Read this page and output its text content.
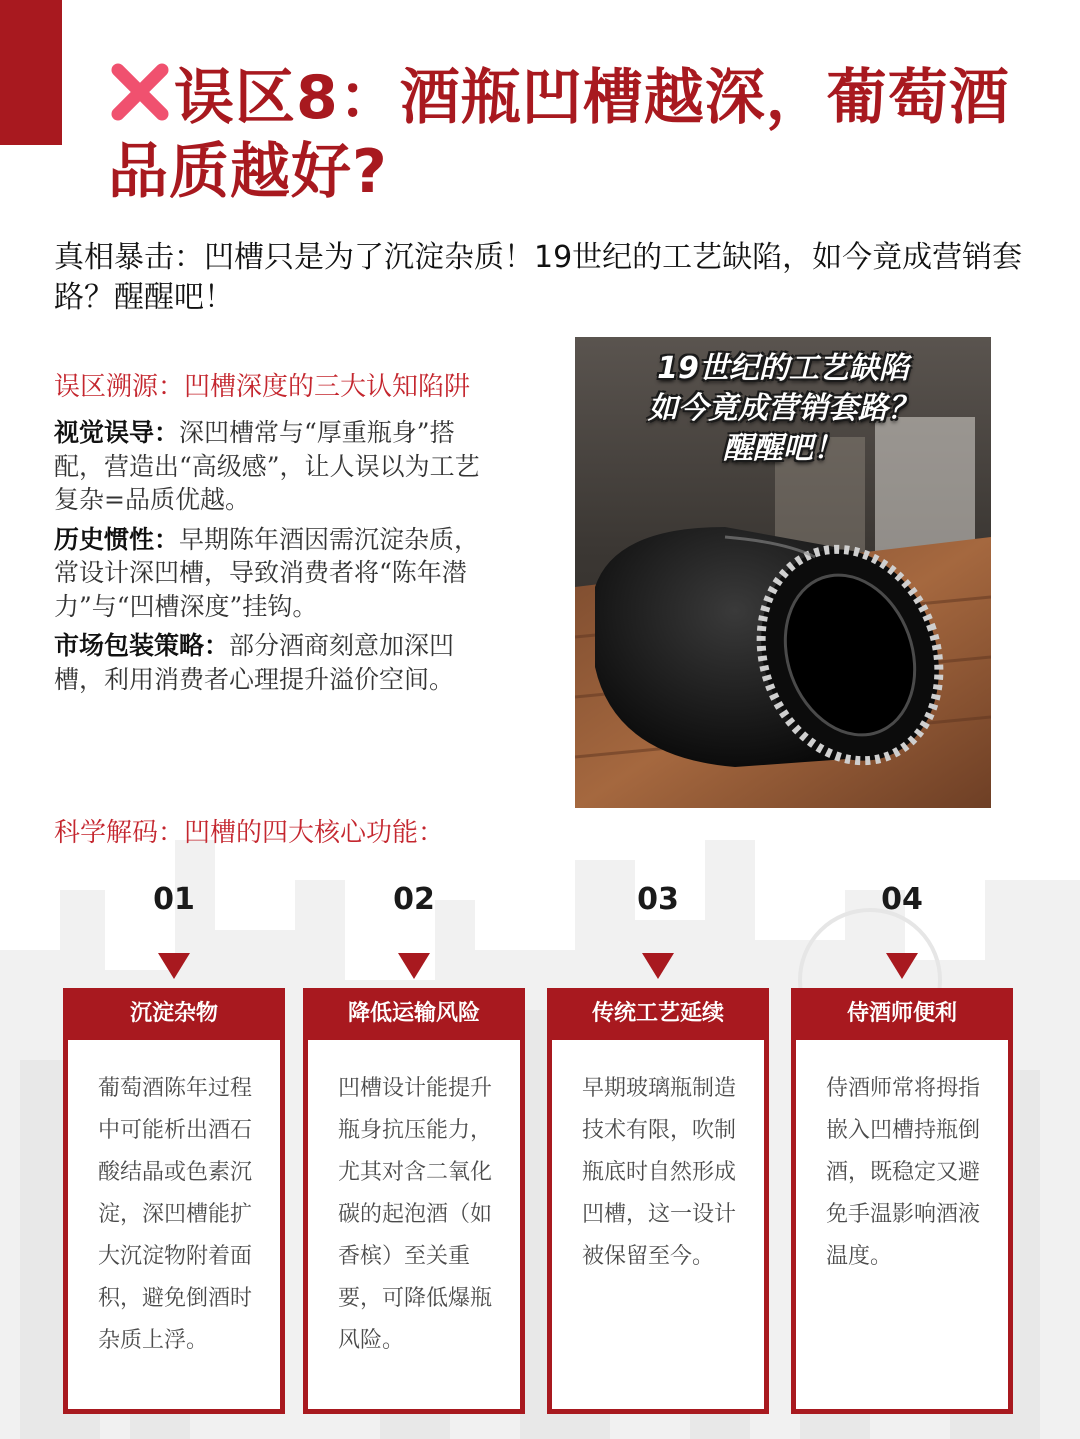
误区8：酒瓶凹槽越深，葡萄酒品质越好?
真相暴击：凹槽只是为了沉淀杂质！19世纪的工艺缺陷，如今竟成营销套路？醒醒吧！
误区溯源：凹槽深度的三大认知陷阱

视觉误导：深凹槽常与“厚重瓶身”搭配，营造出“高级感”，让人误以为工艺复杂=品质优越。

历史惯性：早期陈年酒因需沉淀杂质，常设计深凹槽，导致消费者将“陈年潜力”与“凹槽深度”挂钩。

市场包装策略：部分酒商刻意加深凹槽，利用消费者心理提升溢价空间。

19世纪的工艺缺陷
如今竟成营销套路？
醒醒吧！

科学解码：凹槽的四大核心功能：
01	02	03	04
沉淀杂物
葡萄酒陈年过程中可能析出酒石酸结晶或色素沉淀，深凹槽能扩大沉淀物附着面积，避免倒酒时杂质上浮。
降低运输风险
凹槽设计能提升瓶身抗压能力，尤其对含二氧化碳的起泡酒（如香槟）至关重要，可降低爆瓶风险。
传统工艺延续
早期玻璃瓶制造技术有限，吹制瓶底时自然形成凹槽，这一设计被保留至今。
侍酒师便利
侍酒师常将拇指嵌入凹槽持瓶倒酒，既稳定又避免手温影响酒液温度。
